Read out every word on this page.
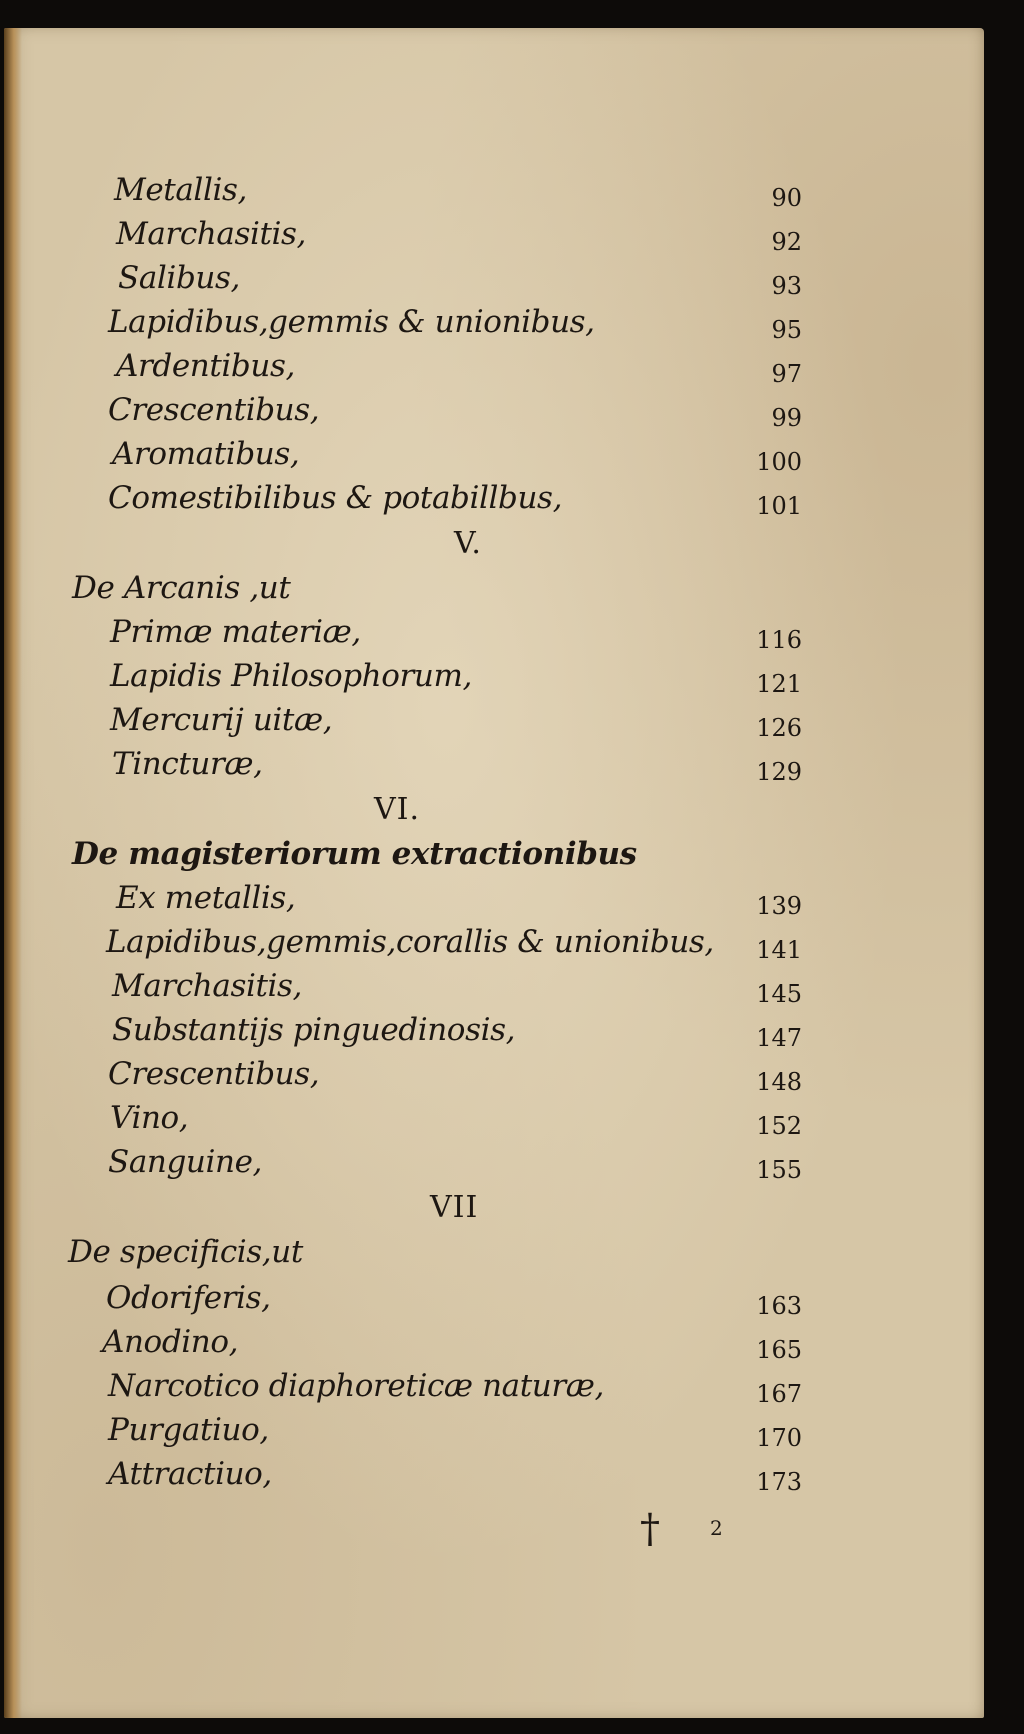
Metallis,	90
Marchasitis,	92
Salibus,	93
Lapidibus,gemmis & unionibus,	95
Ardentibus,	97
Crescentibus,	99
Aromatibus,	100
Comestibilibus & potabillbus,	101
V.
De Arcanis ,ut
Primæ materiæ,	116
Lapidis Philosophorum,	121
Mercurij uitæ,	126
Tincturæ,	129
VI.
De magisteriorum extractionibus
Ex metallis,	139
Lapidibus,gemmis,corallis & unionibus,	141
Marchasitis,	145
Substantijs pinguedinosis,	147
Crescentibus,	148
Vino,	152
Sanguine,	155
VII
De specificis,ut
Odoriferis,	163
Anodino,	165
Narcotico diaphoreticæ naturæ,	167
Purgatiuo,	170
Attractiuo,	173
†	2
